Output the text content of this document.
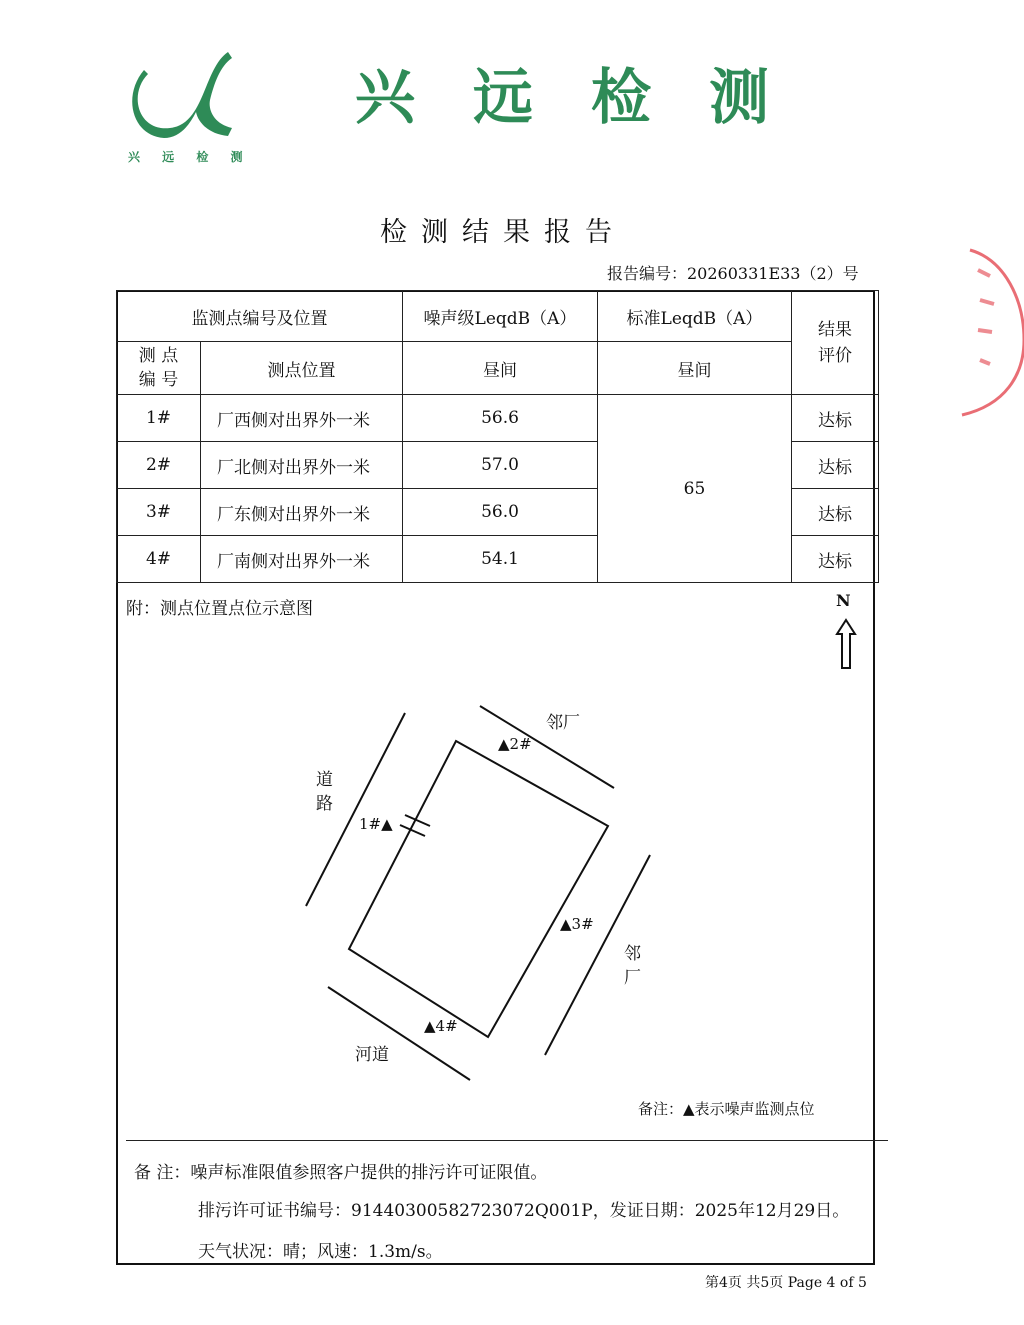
兴 远 检 测
兴远检测
检测结果报告
报告编号：20260331E33（2）号
监测点编号及位置		噪声级LeqdB（A）	标准LeqdB（A）	结果评价

测 点 编 号	测点位置	昼间	昼间	
1#	厂西侧对出界外一米	56.6	65	达标
2#	厂北侧对出界外一米	57.0		达标
3#	厂东侧对出界外一米	56.0		达标
4#	厂南侧对出界外一米	54.1		达标
附：测点位置点位示意图	N
道路
邻厂
邻厂
河道
1#▲
▲2#
▲3#
▲4#
备注：▲表示噪声监测点位
备 注：噪声标准限值参照客户提供的排污许可证限值。
排污许可证书编号：91440300582723072Q001P，发证日期：2025年12月29日。
天气状况：晴；风速：1.3m/s。
第4页 共5页 Page 4 of 5
